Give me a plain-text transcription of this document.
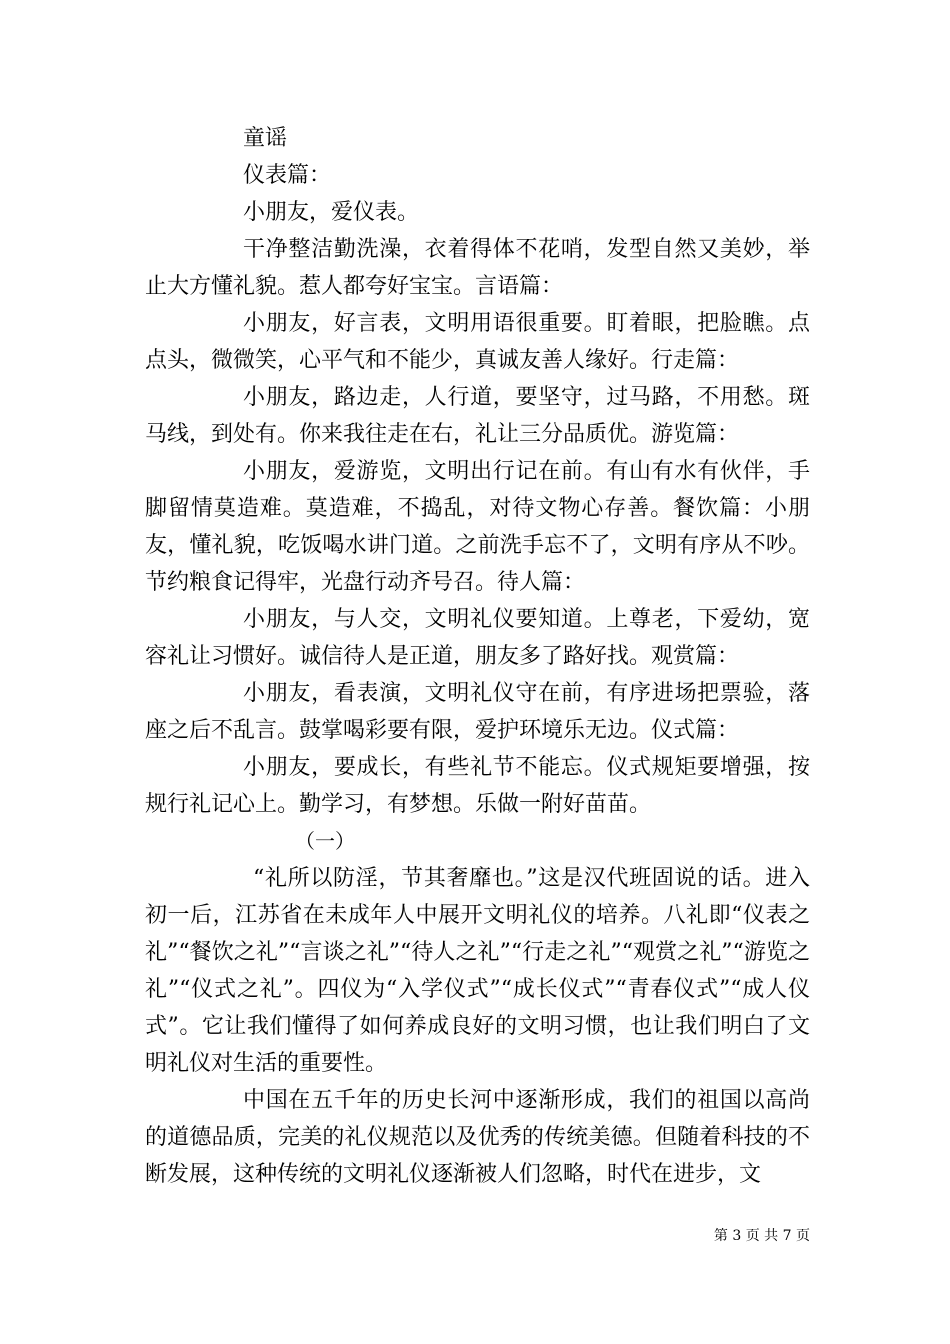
童谣

仪表篇：

小朋友，爱仪表。

干净整洁勤洗澡，衣着得体不花哨，发型自然又美妙，举止大方懂礼貌。惹人都夸好宝宝。言语篇：

小朋友，好言表，文明用语很重要。盯着眼，把脸瞧。点点头，微微笑，心平气和不能少，真诚友善人缘好。行走篇：

小朋友，路边走，人行道，要坚守，过马路，不用愁。斑马线，到处有。你来我往走在右，礼让三分品质优。游览篇：

小朋友，爱游览，文明出行记在前。有山有水有伙伴，手脚留情莫造难。莫造难，不捣乱，对待文物心存善。餐饮篇：小朋友，懂礼貌，吃饭喝水讲门道。之前洗手忘不了，文明有序从不吵。节约粮食记得牢，光盘行动齐号召。待人篇：

小朋友，与人交，文明礼仪要知道。上尊老，下爱幼，宽容礼让习惯好。诚信待人是正道，朋友多了路好找。观赏篇：

小朋友，看表演，文明礼仪守在前，有序进场把票验，落座之后不乱言。鼓掌喝彩要有限，爱护环境乐无边。仪式篇：

小朋友，要成长，有些礼节不能忘。仪式规矩要增强，按规行礼记心上。勤学习，有梦想。乐做一附好苗苗。

（一）

“礼所以防淫，节其奢靡也。”这是汉代班固说的话。进入初一后，江苏省在未成年人中展开文明礼仪的培养。八礼即“仪表之礼”“餐饮之礼”“言谈之礼”“待人之礼”“行走之礼”“观赏之礼”“游览之礼”“仪式之礼”。四仪为“入学仪式”“成长仪式”“青春仪式”“成人仪式”。它让我们懂得了如何养成良好的文明习惯，也让我们明白了文明礼仪对生活的重要性。

中国在五千年的历史长河中逐渐形成，我们的祖国以高尚的道德品质，完美的礼仪规范以及优秀的传统美德。但随着科技的不断发展，这种传统的文明礼仪逐渐被人们忽略，时代在进步，文

第 3 页 共 7 页
